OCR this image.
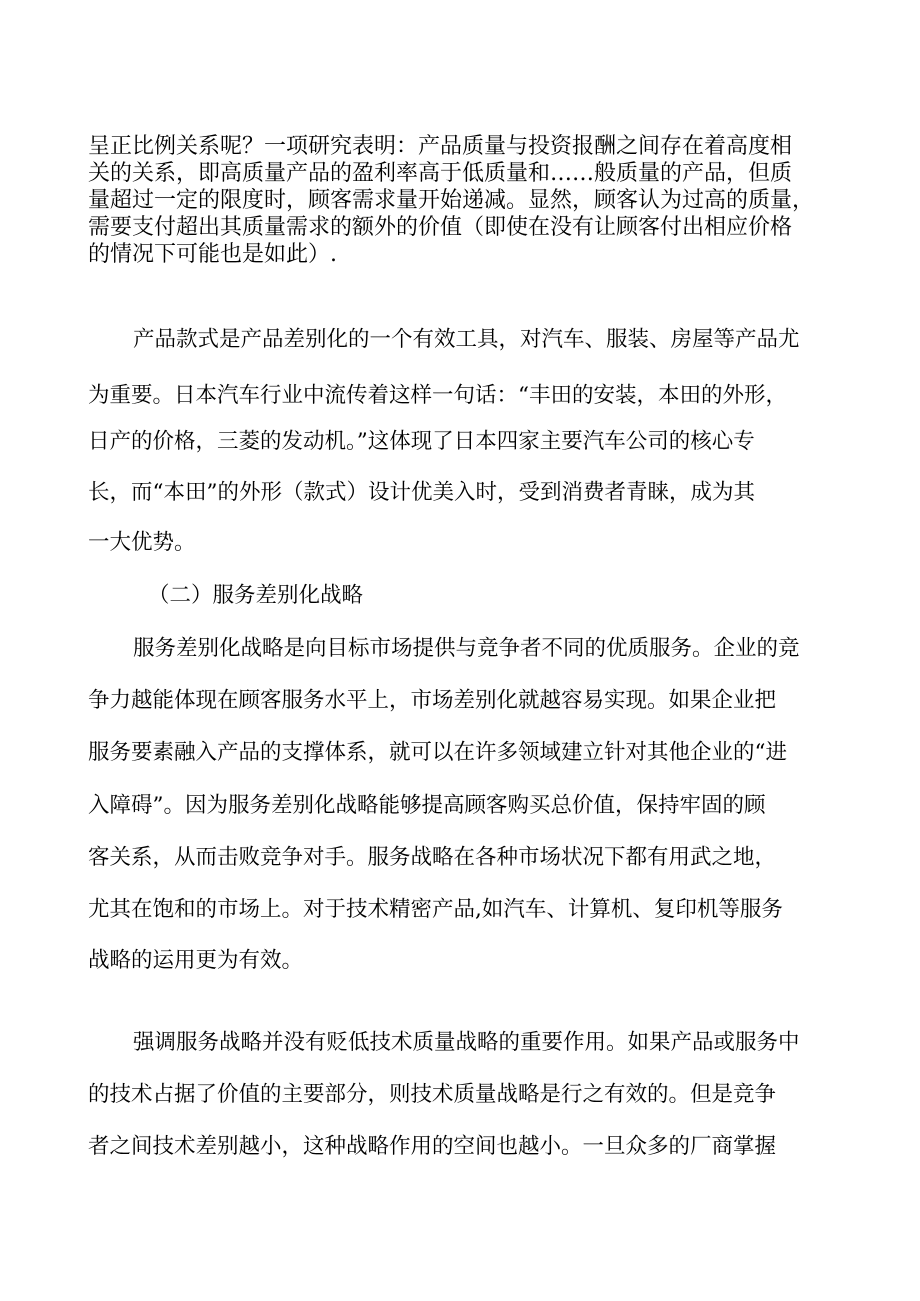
呈正比例关系呢？一项研究表明：产品质量与投资报酬之间存在着高度相
关的关系，即高质量产品的盈利率高于低质量和……般质量的产品，但质
量超过一定的限度时，顾客需求量开始递减。显然，顾客认为过高的质量，
需要支付超出其质量需求的额外的价值（即使在没有让顾客付出相应价格
的情况下可能也是如此）.
产品款式是产品差别化的一个有效工具，对汽车、服装、房屋等产品尤
为重要。日本汽车行业中流传着这样一句话：“丰田的安装，本田的外形，
日产的价格，三菱的发动机。”这体现了日本四家主要汽车公司的核心专
长，而“本田”的外形（款式）设计优美入时，受到消费者青睐，成为其
一大优势。
（二）服务差别化战略
服务差别化战略是向目标市场提供与竞争者不同的优质服务。企业的竞
争力越能体现在顾客服务水平上，市场差别化就越容易实现。如果企业把
服务要素融入产品的支撑体系，就可以在许多领域建立针对其他企业的“进
入障碍”。因为服务差别化战略能够提高顾客购买总价值，保持牢固的顾
客关系，从而击败竞争对手。服务战略在各种市场状况下都有用武之地，
尤其在饱和的市场上。对于技术精密产品,如汽车、计算机、复印机等服务
战略的运用更为有效。
强调服务战略并没有贬低技术质量战略的重要作用。如果产品或服务中
的技术占据了价值的主要部分，则技术质量战略是行之有效的。但是竞争
者之间技术差别越小，这种战略作用的空间也越小。一旦众多的厂商掌握
